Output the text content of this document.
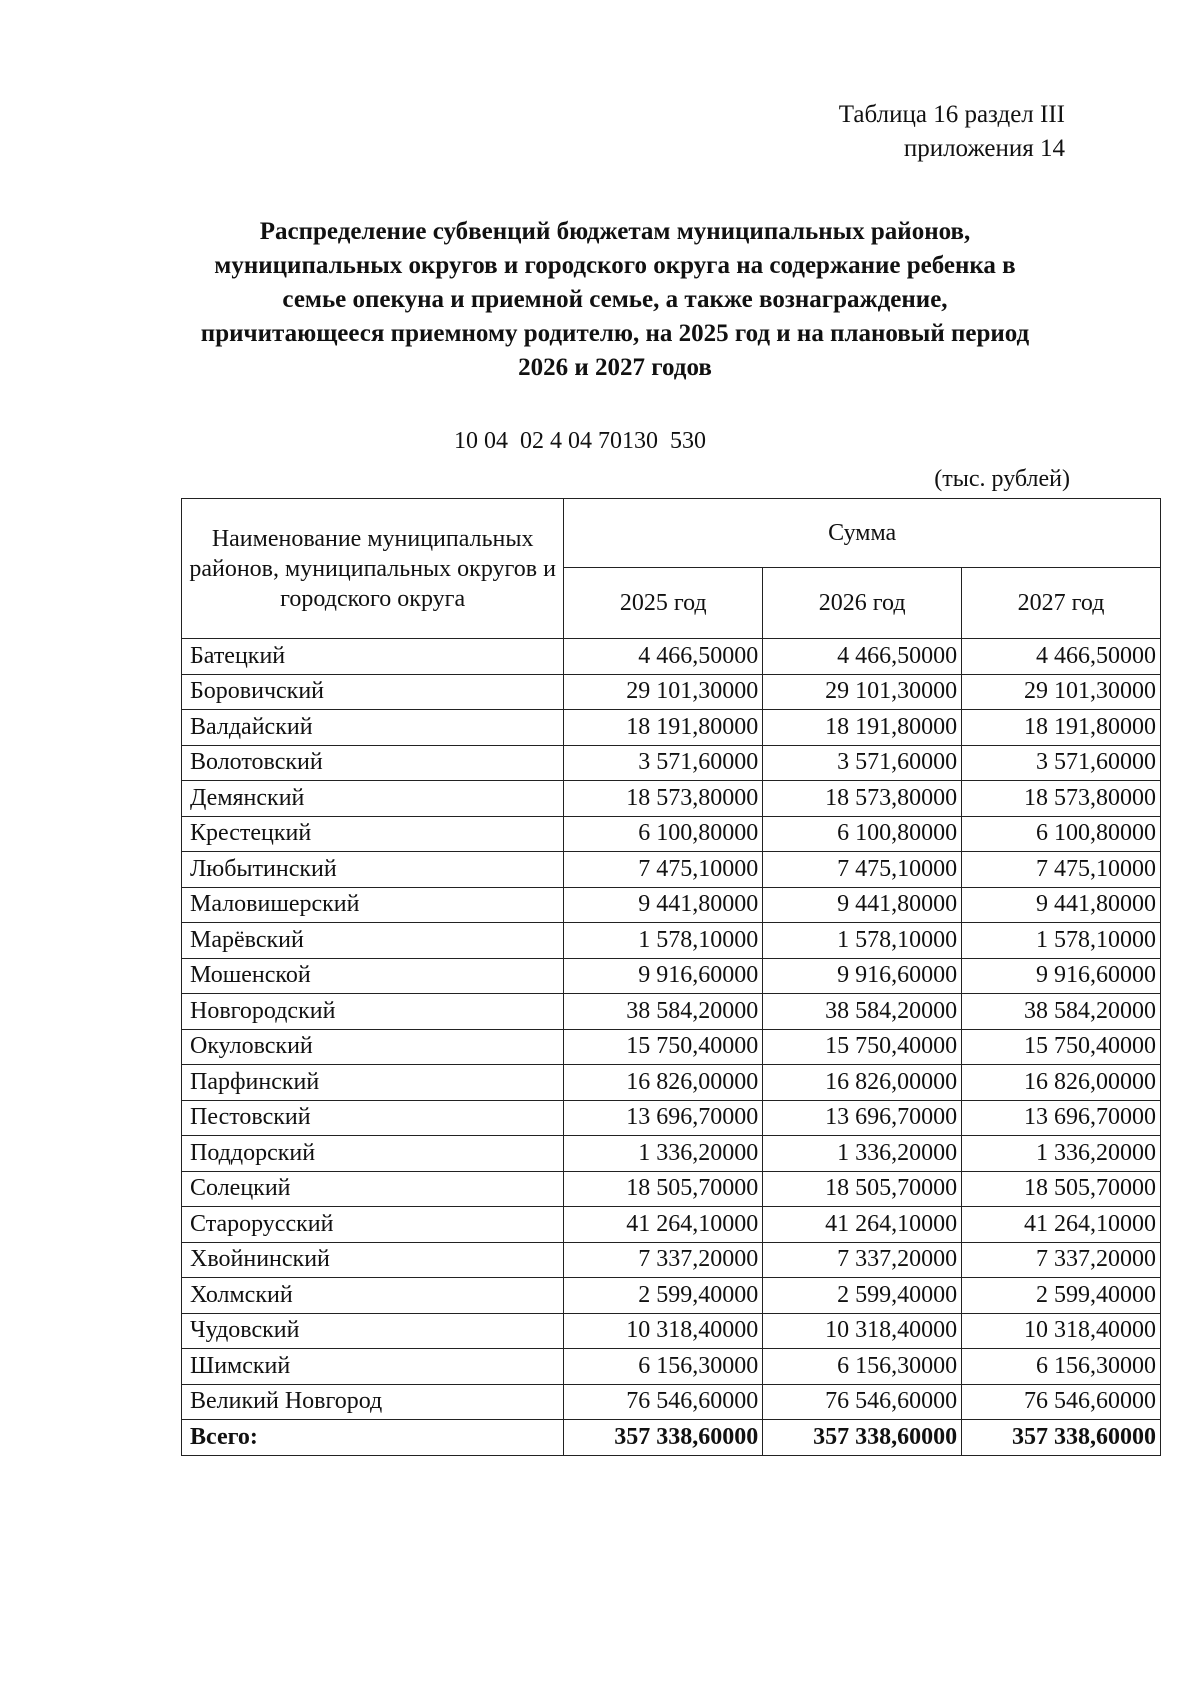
Таблица 16 раздел III
приложения 14
Распределение субвенций бюджетам муниципальных районов,
муниципальных округов и городского округа на содержание ребенка в
семье опекуна и приемной семье, а также вознаграждение,
причитающееся приемному родителю, на 2025 год и на плановый период
2026 и 2027 годов
10 04  02 4 04 70130  530
(тыс. рублей)
Наименование муниципальных районов, муниципальных округов и городского округа	Сумма		
	2025 год	2026 год	2027 год
Батецкий	4 466,50000	4 466,50000	4 466,50000
Боровичский	29 101,30000	29 101,30000	29 101,30000
Валдайский	18 191,80000	18 191,80000	18 191,80000
Волотовский	3 571,60000	3 571,60000	3 571,60000
Демянский	18 573,80000	18 573,80000	18 573,80000
Крестецкий	6 100,80000	6 100,80000	6 100,80000
Любытинский	7 475,10000	7 475,10000	7 475,10000
Маловишерский	9 441,80000	9 441,80000	9 441,80000
Марёвский	1 578,10000	1 578,10000	1 578,10000
Мошенской	9 916,60000	9 916,60000	9 916,60000
Новгородский	38 584,20000	38 584,20000	38 584,20000
Окуловский	15 750,40000	15 750,40000	15 750,40000
Парфинский	16 826,00000	16 826,00000	16 826,00000
Пестовский	13 696,70000	13 696,70000	13 696,70000
Поддорский	1 336,20000	1 336,20000	1 336,20000
Солецкий	18 505,70000	18 505,70000	18 505,70000
Старорусский	41 264,10000	41 264,10000	41 264,10000
Хвойнинский	7 337,20000	7 337,20000	7 337,20000
Холмский	2 599,40000	2 599,40000	2 599,40000
Чудовский	10 318,40000	10 318,40000	10 318,40000
Шимский	6 156,30000	6 156,30000	6 156,30000
Великий Новгород	76 546,60000	76 546,60000	76 546,60000
Всего:	357 338,60000	357 338,60000	357 338,60000
